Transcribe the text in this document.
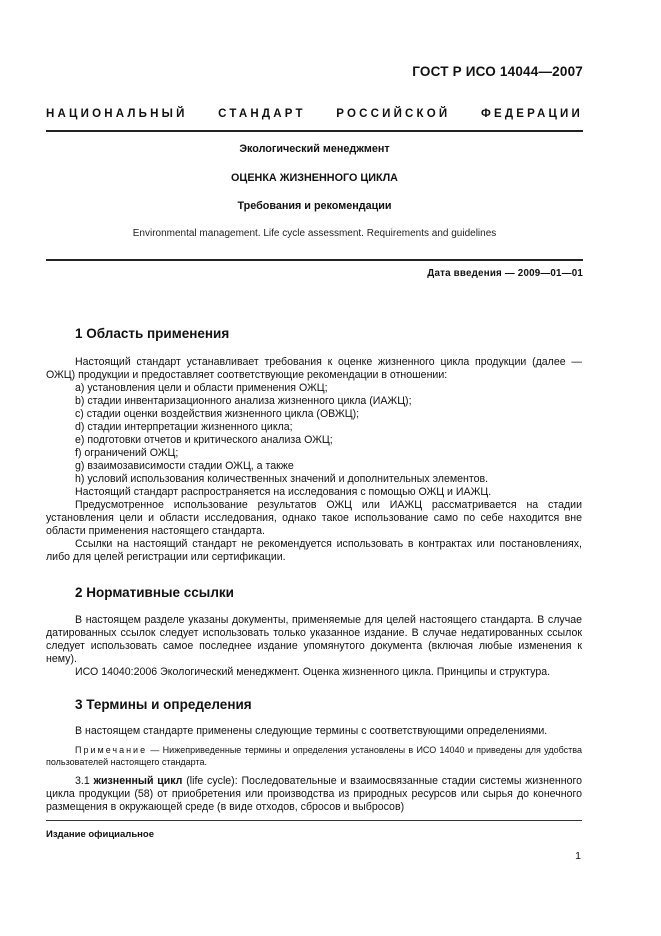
ГОСТ Р ИСО 14044—2007
НАЦИОНАЛЬНЫЙ СТАНДАРТ РОССИЙСКОЙ ФЕДЕРАЦИИ
Экологический менеджмент
ОЦЕНКА ЖИЗНЕННОГО ЦИКЛА
Требования и рекомендации
Environmental management. Life cycle assessment. Requirements and guidelines
Дата введения — 2009—01—01
1 Область применения

Настоящий стандарт устанавливает требования к оценке жизненного цикла продукции (далее — ОЖЦ) продукции и предоставляет соответствующие рекомендации в отношении:

a) установления цели и области применения ОЖЦ;

b) стадии инвентаризационного анализа жизненного цикла (ИАЖЦ);

c) стадии оценки воздействия жизненного цикла (ОВЖЦ);

d) стадии интерпретации жизненного цикла;

e) подготовки отчетов и критического анализа ОЖЦ;

f) ограничений ОЖЦ;

g) взаимозависимости стадии ОЖЦ, а также

h) условий использования количественных значений и дополнительных элементов.

Настоящий стандарт распространяется на исследования с помощью ОЖЦ и ИАЖЦ.

Предусмотренное использование результатов ОЖЦ или ИАЖЦ рассматривается на стадии установления цели и области исследования, однако такое использование само по себе находится вне области применения настоящего стандарта.

Ссылки на настоящий стандарт не рекомендуется использовать в контрактах или постановлениях, либо для целей регистрации или сертификации.

2 Нормативные ссылки

В настоящем разделе указаны документы, применяемые для целей настоящего стандарта. В случае датированных ссылок следует использовать только указанное издание. В случае недатированных ссылок следует использовать самое последнее издание упомянутого документа (включая любые изменения к нему).

ИСО 14040:2006 Экологический менеджмент. Оценка жизненного цикла. Принципы и структура.

3 Термины и определения

В настоящем стандарте применены следующие термины с соответствующими определениями.

Примечание — Нижеприведенные термины и определения установлены в ИСО 14040 и приведены для удобства пользователей настоящего стандарта.

3.1 жизненный цикл (life cycle): Последовательные и взаимосвязанные стадии системы жизненного цикла продукции (58) от приобретения или производства из природных ресурсов или сырья до конечного размещения в окружающей среде (в виде отходов, сбросов и выбросов)

Издание официальное
1
